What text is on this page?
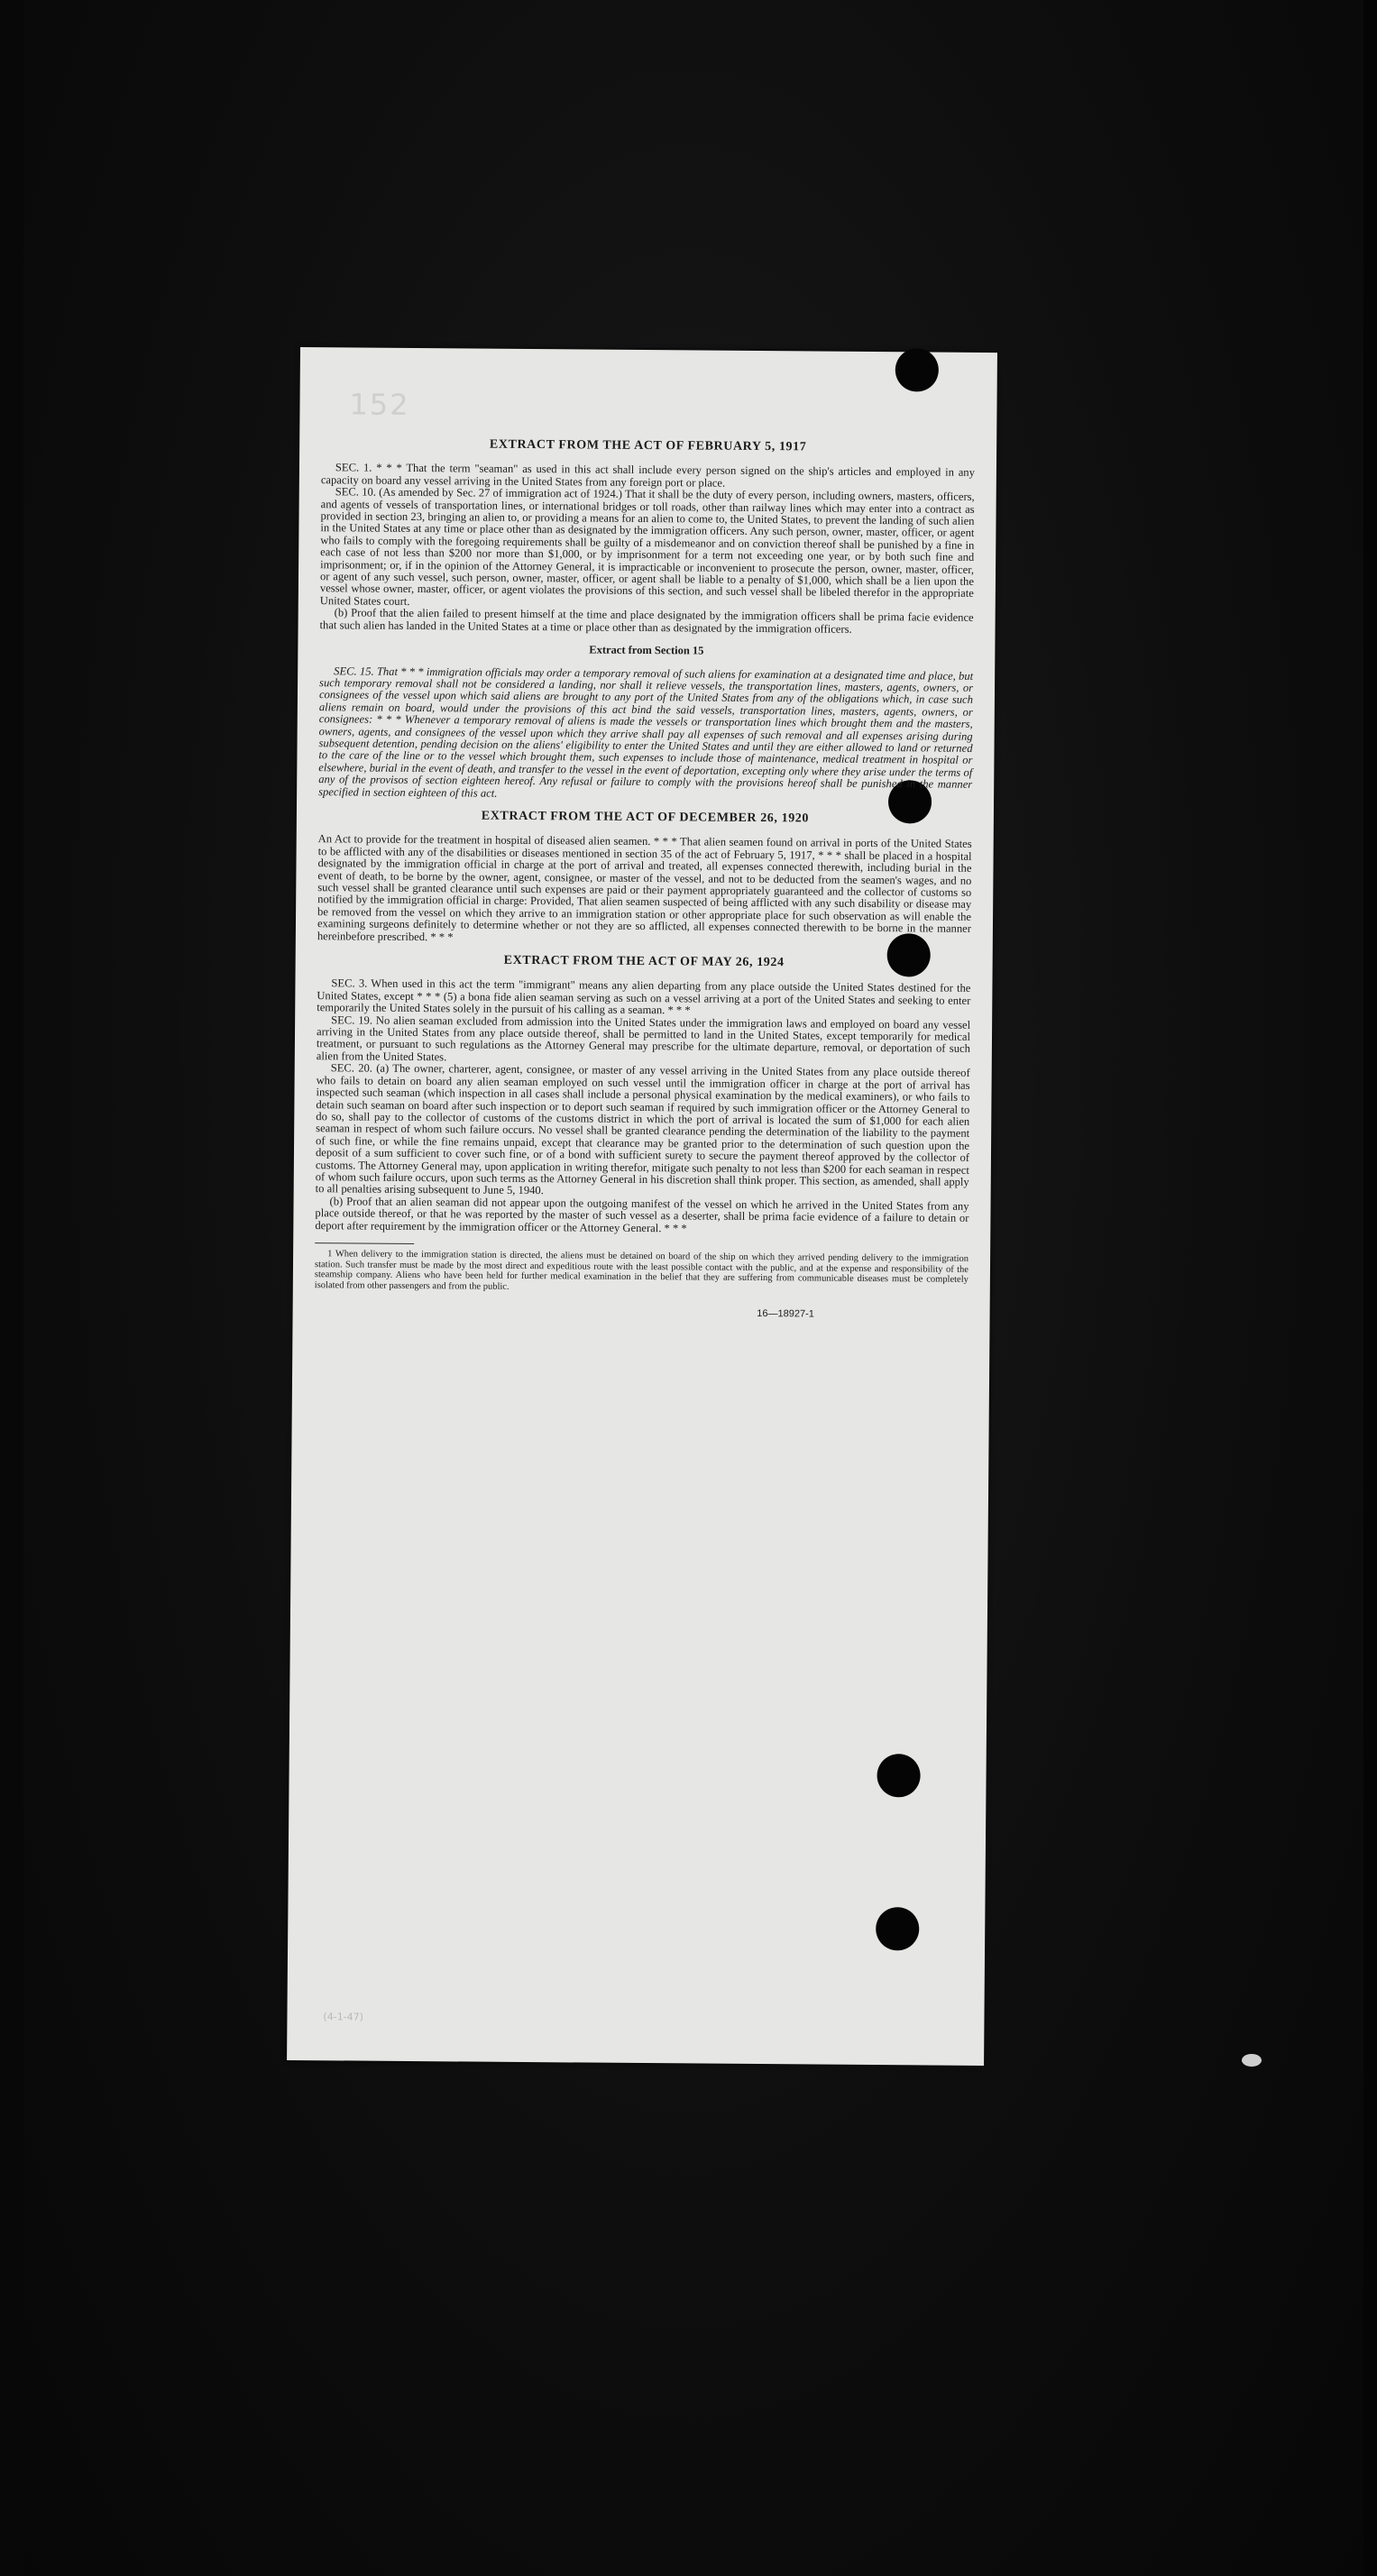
152
EXTRACT FROM THE ACT OF FEBRUARY 5, 1917

SEC. 1. * * * That the term "seaman" as used in this act shall include every person signed on the ship's articles and employed in any capacity on board any vessel arriving in the United States from any foreign port or place.

SEC. 10. (As amended by Sec. 27 of immigration act of 1924.) That it shall be the duty of every person, including owners, masters, officers, and agents of vessels of transportation lines, or international bridges or toll roads, other than railway lines which may enter into a contract as provided in section 23, bringing an alien to, or providing a means for an alien to come to, the United States, to prevent the landing of such alien in the United States at any time or place other than as designated by the immigration officers. Any such person, owner, master, officer, or agent who fails to comply with the foregoing requirements shall be guilty of a misdemeanor and on conviction thereof shall be punished by a fine in each case of not less than $200 nor more than $1,000, or by imprisonment for a term not exceeding one year, or by both such fine and imprisonment; or, if in the opinion of the Attorney General, it is impracticable or inconvenient to prosecute the person, owner, master, officer, or agent of any such vessel, such person, owner, master, officer, or agent shall be liable to a penalty of $1,000, which shall be a lien upon the vessel whose owner, master, officer, or agent violates the provisions of this section, and such vessel shall be libeled therefor in the appropriate United States court.

(b) Proof that the alien failed to present himself at the time and place designated by the immigration officers shall be prima facie evidence that such alien has landed in the United States at a time or place other than as designated by the immigration officers.

Extract from Section 15

SEC. 15. That * * * immigration officials may order a temporary removal of such aliens for examination at a designated time and place, but such temporary removal shall not be considered a landing, nor shall it relieve vessels, the transportation lines, masters, agents, owners, or consignees of the vessel upon which said aliens are brought to any port of the United States from any of the obligations which, in case such aliens remain on board, would under the provisions of this act bind the said vessels, transportation lines, masters, agents, owners, or consignees: * * * Whenever a temporary removal of aliens is made the vessels or transportation lines which brought them and the masters, owners, agents, and consignees of the vessel upon which they arrive shall pay all expenses of such removal and all expenses arising during subsequent detention, pending decision on the aliens' eligibility to enter the United States and until they are either allowed to land or returned to the care of the line or to the vessel which brought them, such expenses to include those of maintenance, medical treatment in hospital or elsewhere, burial in the event of death, and transfer to the vessel in the event of deportation, excepting only where they arise under the terms of any of the provisos of section eighteen hereof. Any refusal or failure to comply with the provisions hereof shall be punished in the manner specified in section eighteen of this act.

EXTRACT FROM THE ACT OF DECEMBER 26, 1920

An Act to provide for the treatment in hospital of diseased alien seamen. * * * That alien seamen found on arrival in ports of the United States to be afflicted with any of the disabilities or diseases mentioned in section 35 of the act of February 5, 1917, * * * shall be placed in a hospital designated by the immigration official in charge at the port of arrival and treated, all expenses connected therewith, including burial in the event of death, to be borne by the owner, agent, consignee, or master of the vessel, and not to be deducted from the seamen's wages, and no such vessel shall be granted clearance until such expenses are paid or their payment appropriately guaranteed and the collector of customs so notified by the immigration official in charge: Provided, That alien seamen suspected of being afflicted with any such disability or disease may be removed from the vessel on which they arrive to an immigration station or other appropriate place for such observation as will enable the examining surgeons definitely to determine whether or not they are so afflicted, all expenses connected therewith to be borne in the manner hereinbefore prescribed. * * *

EXTRACT FROM THE ACT OF MAY 26, 1924

SEC. 3. When used in this act the term "immigrant" means any alien departing from any place outside the United States destined for the United States, except * * * (5) a bona fide alien seaman serving as such on a vessel arriving at a port of the United States and seeking to enter temporarily the United States solely in the pursuit of his calling as a seaman. * * *

SEC. 19. No alien seaman excluded from admission into the United States under the immigration laws and employed on board any vessel arriving in the United States from any place outside thereof, shall be permitted to land in the United States, except temporarily for medical treatment, or pursuant to such regulations as the Attorney General may prescribe for the ultimate departure, removal, or deportation of such alien from the United States.

SEC. 20. (a) The owner, charterer, agent, consignee, or master of any vessel arriving in the United States from any place outside thereof who fails to detain on board any alien seaman employed on such vessel until the immigration officer in charge at the port of arrival has inspected such seaman (which inspection in all cases shall include a personal physical examination by the medical examiners), or who fails to detain such seaman on board after such inspection or to deport such seaman if required by such immigration officer or the Attorney General to do so, shall pay to the collector of customs of the customs district in which the port of arrival is located the sum of $1,000 for each alien seaman in respect of whom such failure occurs. No vessel shall be granted clearance pending the determination of the liability to the payment of such fine, or while the fine remains unpaid, except that clearance may be granted prior to the determination of such question upon the deposit of a sum sufficient to cover such fine, or of a bond with sufficient surety to secure the payment thereof approved by the collector of customs. The Attorney General may, upon application in writing therefor, mitigate such penalty to not less than $200 for each seaman in respect of whom such failure occurs, upon such terms as the Attorney General in his discretion shall think proper. This section, as amended, shall apply to all penalties arising subsequent to June 5, 1940.

(b) Proof that an alien seaman did not appear upon the outgoing manifest of the vessel on which he arrived in the United States from any place outside thereof, or that he was reported by the master of such vessel as a deserter, shall be prima facie evidence of a failure to detain or deport after requirement by the immigration officer or the Attorney General. * * *

1 When delivery to the immigration station is directed, the aliens must be detained on board of the ship on which they arrived pending delivery to the immigration station. Such transfer must be made by the most direct and expeditious route with the least possible contact with the public, and at the expense and responsibility of the steamship company. Aliens who have been held for further medical examination in the belief that they are suffering from communicable diseases must be completely isolated from other passengers and from the public.

16—18927-1
(4-1-47)
